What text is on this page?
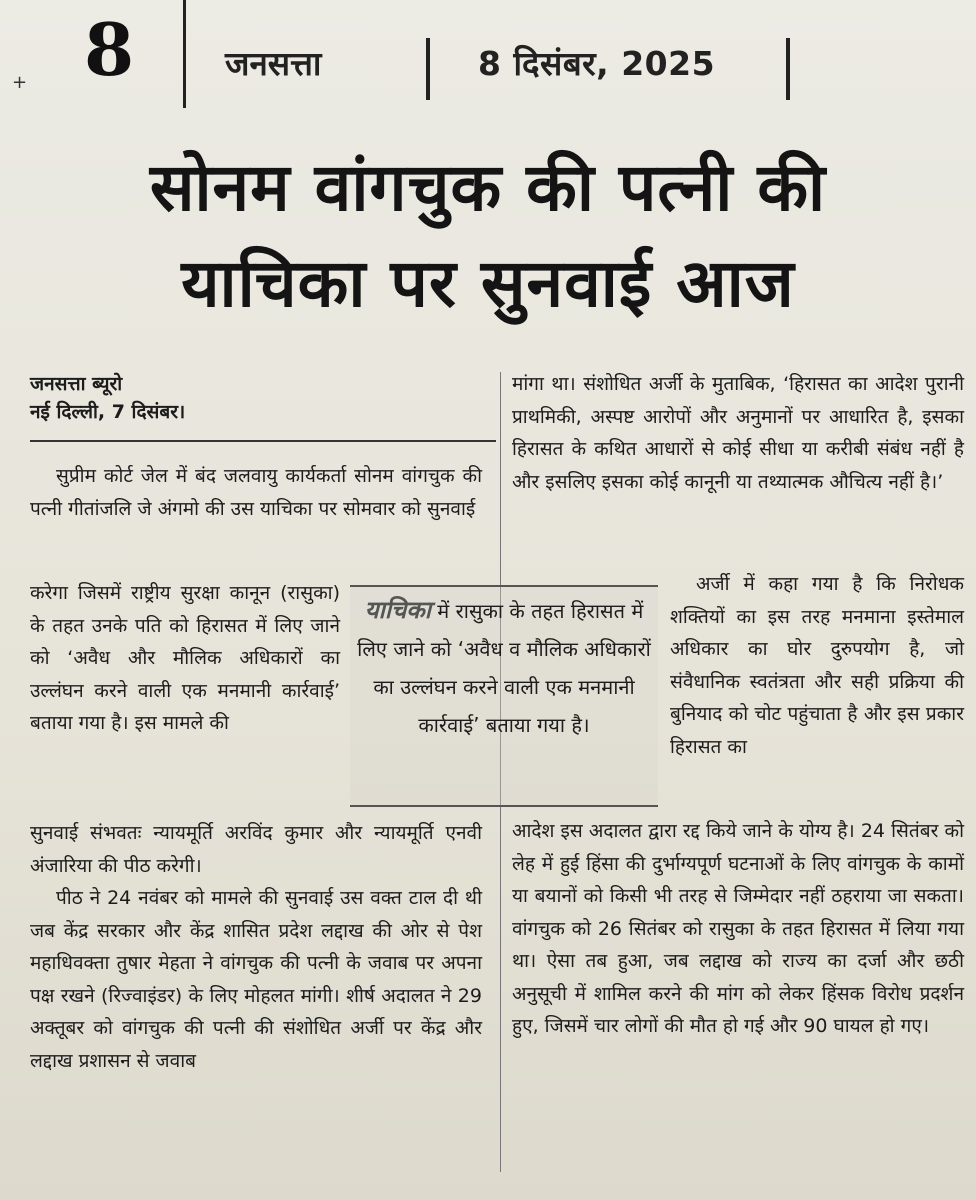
+ 8	जनसत्ता	8 दिसंबर, 2025
सोनम वांगचुक की पत्नी की
याचिका पर सुनवाई आज
जनसत्ता ब्यूरो
नई दिल्ली, 7 दिसंबर।

सुप्रीम कोर्ट जेल में बंद जलवायु कार्यकर्ता सोनम वांगचुक की पत्नी गीतांजलि जे अंगमो की उस याचिका पर सोमवार को सुनवाई

करेगा जिसमें राष्ट्रीय सुरक्षा कानून (रासुका) के तहत उनके पति को हिरासत में लिए जाने को ‘अवैध और मौलिक अधिकारों का उल्लंघन करने वाली एक मनमानी कार्रवाई’ बताया गया है। इस मामले की

सुनवाई संभवतः न्यायमूर्ति अरविंद कुमार और न्यायमूर्ति एनवी अंजारिया की पीठ करेगी।

पीठ ने 24 नवंबर को मामले की सुनवाई उस वक्त टाल दी थी जब केंद्र सरकार और केंद्र शासित प्रदेश लद्दाख की ओर से पेश महाधिवक्ता तुषार मेहता ने वांगचुक की पत्नी के जवाब पर अपना पक्ष रखने (रिज्वाइंडर) के लिए मोहलत मांगी। शीर्ष अदालत ने 29 अक्तूबर को वांगचुक की पत्नी की संशोधित अर्जी पर केंद्र और लद्दाख प्रशासन से जवाब

याचिका में रासुका के तहत हिरासत में लिए जाने को ‘अवैध व मौलिक अधिकारों का उल्लंघन करने वाली एक मनमानी कार्रवाई’ बताया गया है।

मांगा था। संशोधित अर्जी के मुताबिक, ‘हिरासत का आदेश पुरानी प्राथमिकी, अस्पष्ट आरोपों और अनुमानों पर आधारित है, इसका हिरासत के कथित आधारों से कोई सीधा या करीबी संबंध नहीं है और इसलिए इसका कोई कानूनी या तथ्यात्मक औचित्य नहीं है।’

अर्जी में कहा गया है कि निरोधक शक्तियों का इस तरह मनमाना इस्तेमाल अधिकार का घोर दुरुपयोग है, जो संवैधानिक स्वतंत्रता और सही प्रक्रिया की बुनियाद को चोट पहुंचाता है और इस प्रकार हिरासत का

आदेश इस अदालत द्वारा रद्द किये जाने के योग्य है। 24 सितंबर को लेह में हुई हिंसा की दुर्भाग्यपूर्ण घटनाओं के लिए वांगचुक के कामों या बयानों को किसी भी तरह से जिम्मेदार नहीं ठहराया जा सकता। वांगचुक को 26 सितंबर को रासुका के तहत हिरासत में लिया गया था। ऐसा तब हुआ, जब लद्दाख को राज्य का दर्जा और छठी अनुसूची में शामिल करने की मांग को लेकर हिंसक विरोध प्रदर्शन हुए, जिसमें चार लोगों की मौत हो गई और 90 घायल हो गए।
